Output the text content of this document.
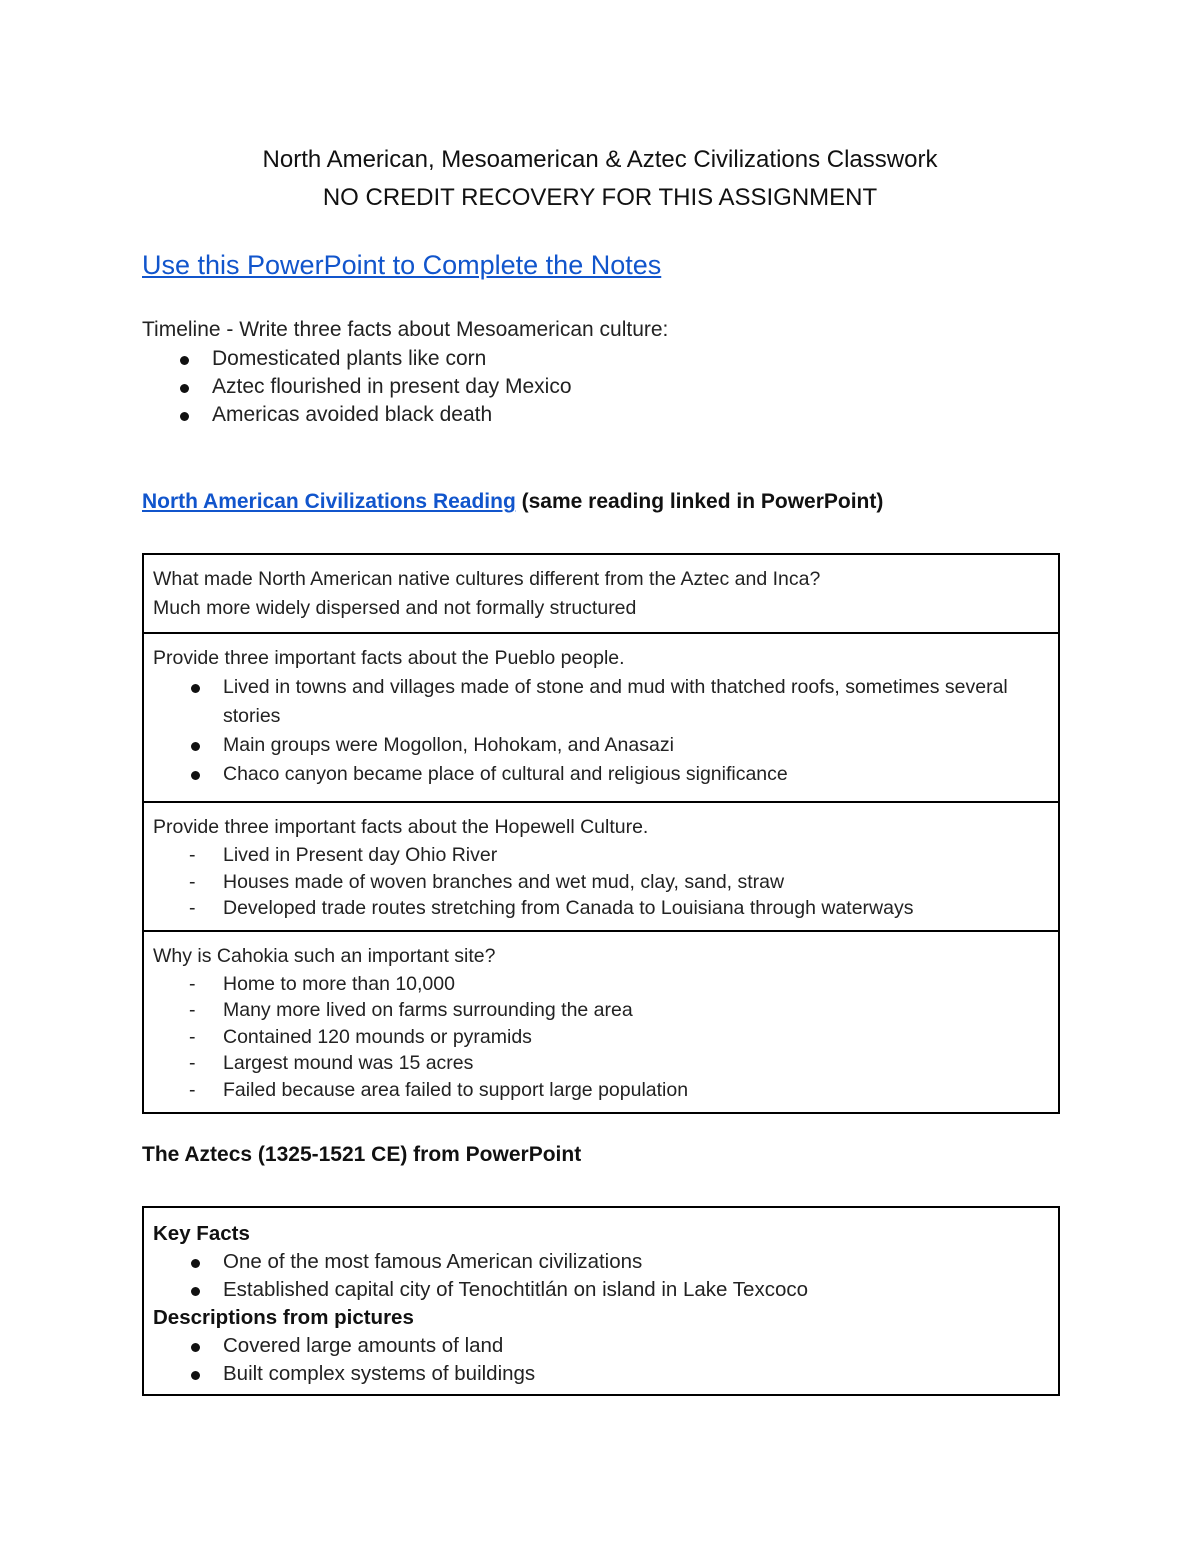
North American, Mesoamerican & Aztec Civilizations Classwork
NO CREDIT RECOVERY FOR THIS ASSIGNMENT
Use this PowerPoint to Complete the Notes
Timeline - Write three facts about Mesoamerican culture:
Domesticated plants like corn
Aztec flourished in present day Mexico
Americas avoided black death
North American Civilizations Reading (same reading linked in PowerPoint)
What made North American native cultures different from the Aztec and Inca?
Much more widely dispersed and not formally structured

Provide three important facts about the Pueblo people.
Lived in towns and villages made of stone and mud with thatched roofs, sometimes several stories
Main groups were Mogollon, Hohokam, and Anasazi
Chaco canyon became place of cultural and religious significance

Provide three important facts about the Hopewell Culture.
- Lived in Present day Ohio River
- Houses made of woven branches and wet mud, clay, sand, straw
- Developed trade routes stretching from Canada to Louisiana through waterways

Why is Cahokia such an important site?
- Home to more than 10,000
- Many more lived on farms surrounding the area
- Contained 120 mounds or pyramids
- Largest mound was 15 acres
- Failed because area failed to support large population
The Aztecs (1325-1521 CE) from PowerPoint
Key Facts
One of the most famous American civilizations
Established capital city of Tenochtitlán on island in Lake Texcoco
Descriptions from pictures
Covered large amounts of land
Built complex systems of buildings
